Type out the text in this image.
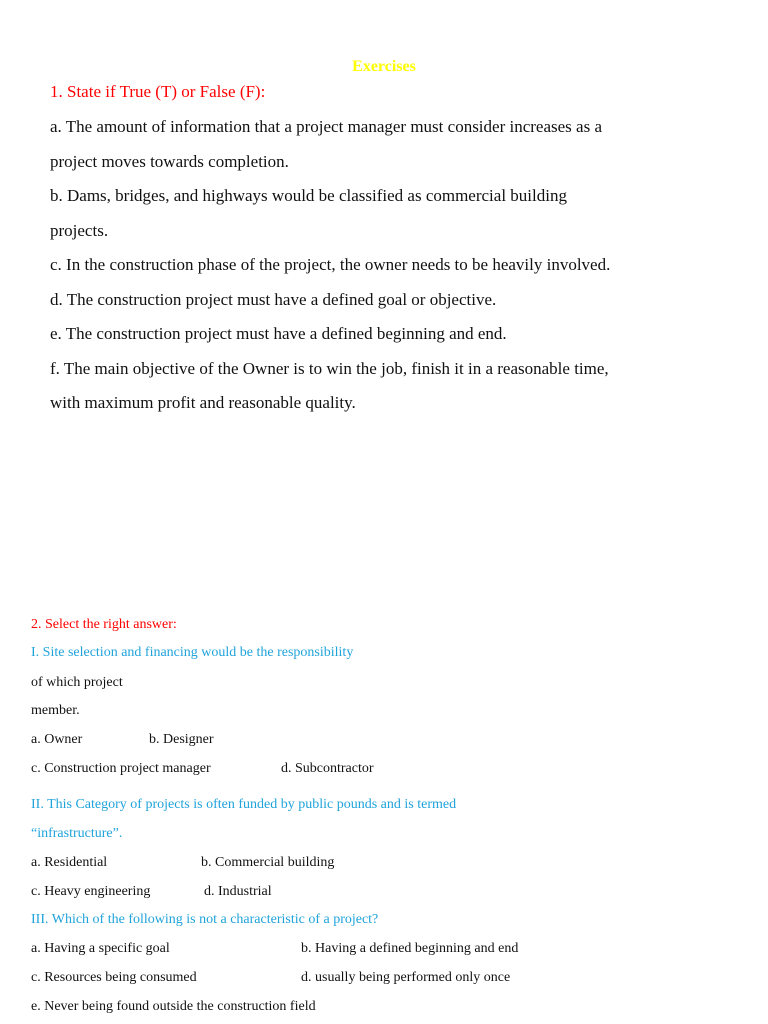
Exercises
1. State if True (T) or False (F):
a. The amount of information that a project manager must consider increases as a
project moves towards completion.
b. Dams, bridges, and highways would be classified as commercial building
projects.
c. In the construction phase of the project, the owner needs to be heavily involved.
d. The construction project must have a defined goal or objective.
e. The construction project must have a defined beginning and end.
f. The main objective of the Owner is to win the job, finish it in a reasonable time,
with maximum profit and reasonable quality.
2. Select the right answer:
I. Site selection and financing would be the responsibility
of which project
member.
a. Owner	b. Designer
c. Construction project manager	d. Subcontractor
II. This Category of projects is often funded by public pounds and is termed
“infrastructure”.
a. Residential	b. Commercial building
c. Heavy engineering	d. Industrial
III. Which of the following is not a characteristic of a project?
a. Having a specific goal	b. Having a defined beginning and end
c. Resources being consumed	d. usually being performed only once
e. Never being found outside the construction field
